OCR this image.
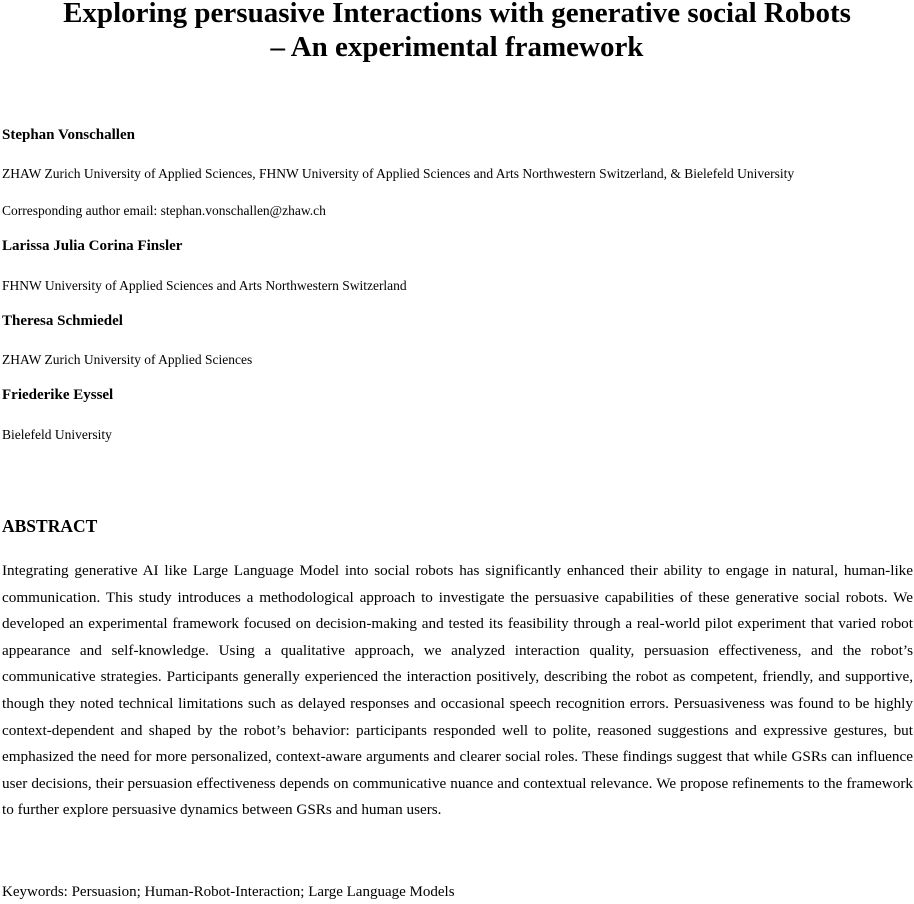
Exploring persuasive Interactions with generative social Robots
– An experimental framework
Stephan Vonschallen
ZHAW Zurich University of Applied Sciences, FHNW University of Applied Sciences and Arts Northwestern Switzerland, & Bielefeld University
Corresponding author email: stephan.vonschallen@zhaw.ch
Larissa Julia Corina Finsler
FHNW University of Applied Sciences and Arts Northwestern Switzerland
Theresa Schmiedel
ZHAW Zurich University of Applied Sciences
Friederike Eyssel
Bielefeld University
ABSTRACT
Integrating generative AI like Large Language Model into social robots has significantly enhanced their ability to engage in natural, human-like communication. This study introduces a methodological approach to investigate the persuasive capabilities of these generative social robots. We developed an experimental framework focused on decision-making and tested its feasibility through a real-world pilot experiment that varied robot appearance and self-knowledge. Using a qualitative approach, we analyzed interaction quality, persuasion effectiveness, and the robot’s communicative strategies. Participants generally experienced the interaction positively, describing the robot as competent, friendly, and supportive, though they noted technical limitations such as delayed responses and occasional speech recognition errors. Persuasiveness was found to be highly context-dependent and shaped by the robot’s behavior: participants responded well to polite, reasoned suggestions and expressive gestures, but emphasized the need for more personalized, context-aware arguments and clearer social roles. These findings suggest that while GSRs can influence user decisions, their persuasion effectiveness depends on communicative nuance and contextual relevance. We propose refinements to the framework to further explore persuasive dynamics between GSRs and human users.
Keywords: Persuasion; Human-Robot-Interaction; Large Language Models
